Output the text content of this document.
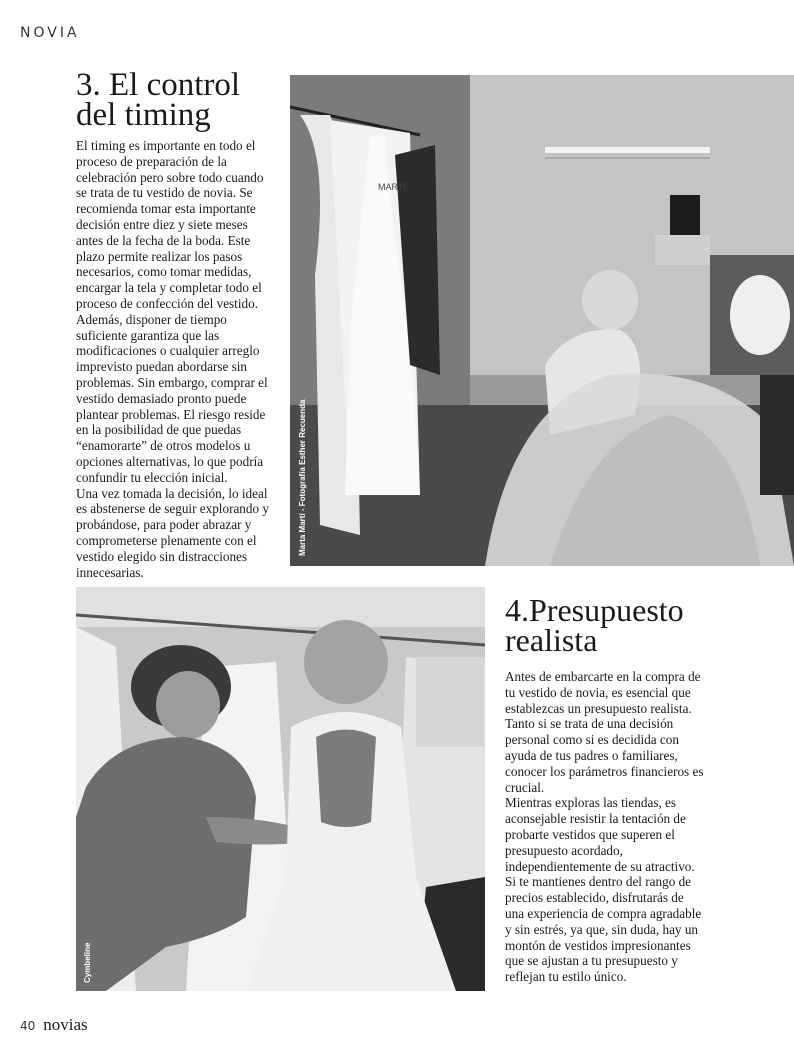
NOVIA
3. El control del timing

El timing es importante en todo el proceso de preparación de la celebración pero sobre todo cuando se trata de tu vestido de novia. Se recomienda tomar esta importante decisión entre diez y siete meses antes de la fecha de la boda. Este plazo permite realizar los pasos necesarios, como tomar medidas, encargar la tela y completar todo el proceso de confección del vestido. Además, disponer de tiempo suficiente garantiza que las modificaciones o cualquier arreglo imprevisto puedan abordarse sin problemas. Sin embargo, comprar el vestido demasiado pronto puede plantear problemas. El riesgo reside en la posibilidad de que puedas “enamorarte” de otros modelos u opciones alternativas, lo que podría confundir tu elección inicial.

Una vez tomada la decisión, lo ideal es abstenerse de seguir explorando y probándose, para poder abrazar y comprometerse plenamente con el vestido elegido sin distracciones innecesarias.

MARTÍ
Marta Martí - Fotografía Esther Recuenda
Cymbeline
4.Presupuesto realista

Antes de embarcarte en la compra de tu vestido de novia, es esencial que establezcas un presupuesto realista. Tanto si se trata de una decisión personal como si es decidida con ayuda de tus padres o familiares, conocer los parámetros financieros es crucial.

Mientras exploras las tiendas, es aconsejable resistir la tentación de probarte vestidos que superen el presupuesto acordado, independientemente de su atractivo. Si te mantienes dentro del rango de precios establecido, disfrutarás de una experiencia de compra agradable y sin estrés, ya que, sin duda, hay un montón de vestidos impresionantes que se ajustan a tu presupuesto y reflejan tu estilo único.

40 novias
